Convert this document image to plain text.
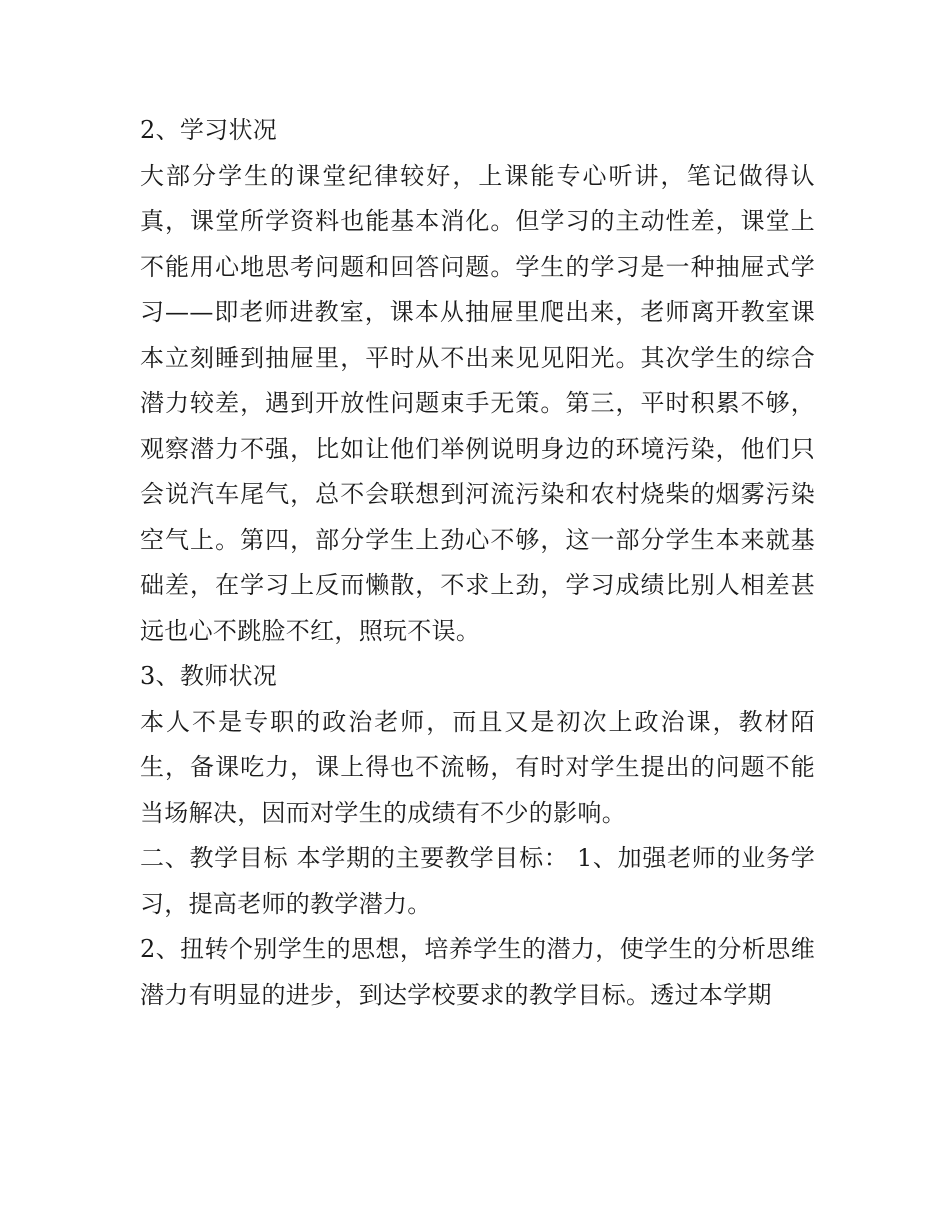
2、学习状况

大部分学生的课堂纪律较好，上课能专心听讲，笔记做得认真，课堂所学资料也能基本消化。但学习的主动性差，课堂上不能用心地思考问题和回答问题。学生的学习是一种抽屉式学习——即老师进教室，课本从抽屉里爬出来，老师离开教室课本立刻睡到抽屉里，平时从不出来见见阳光。其次学生的综合潜力较差，遇到开放性问题束手无策。第三，平时积累不够，观察潜力不强，比如让他们举例说明身边的环境污染，他们只会说汽车尾气，总不会联想到河流污染和农村烧柴的烟雾污染空气上。第四，部分学生上劲心不够，这一部分学生本来就基础差，在学习上反而懒散，不求上劲，学习成绩比别人相差甚远也心不跳脸不红，照玩不误。

3、教师状况

本人不是专职的政治老师，而且又是初次上政治课，教材陌生，备课吃力，课上得也不流畅，有时对学生提出的问题不能当场解决，因而对学生的成绩有不少的影响。

二、教学目标 本学期的主要教学目标： 1、加强老师的业务学习，提高老师的教学潜力。

2、扭转个别学生的思想，培养学生的潜力，使学生的分析思维潜力有明显的进步，到达学校要求的教学目标。透过本学期
